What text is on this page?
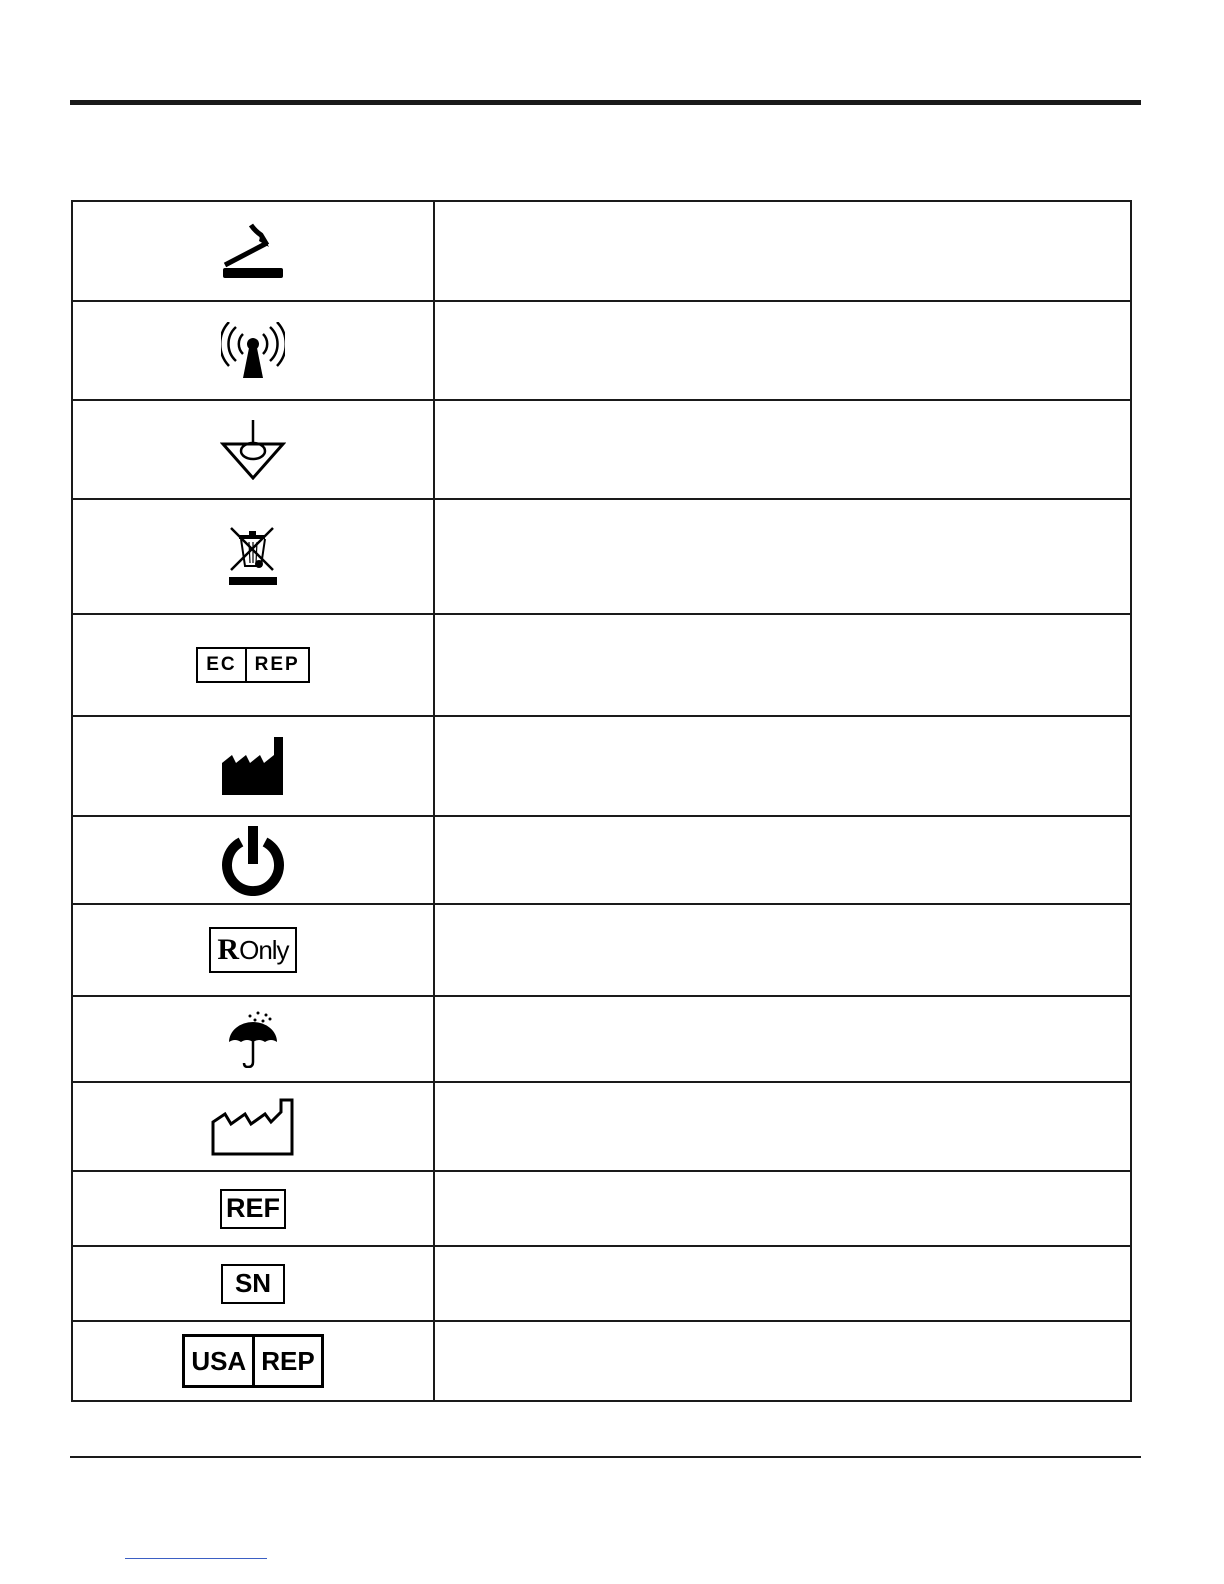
EC REP	

R Only	

REF	

SN	

USA REP	
